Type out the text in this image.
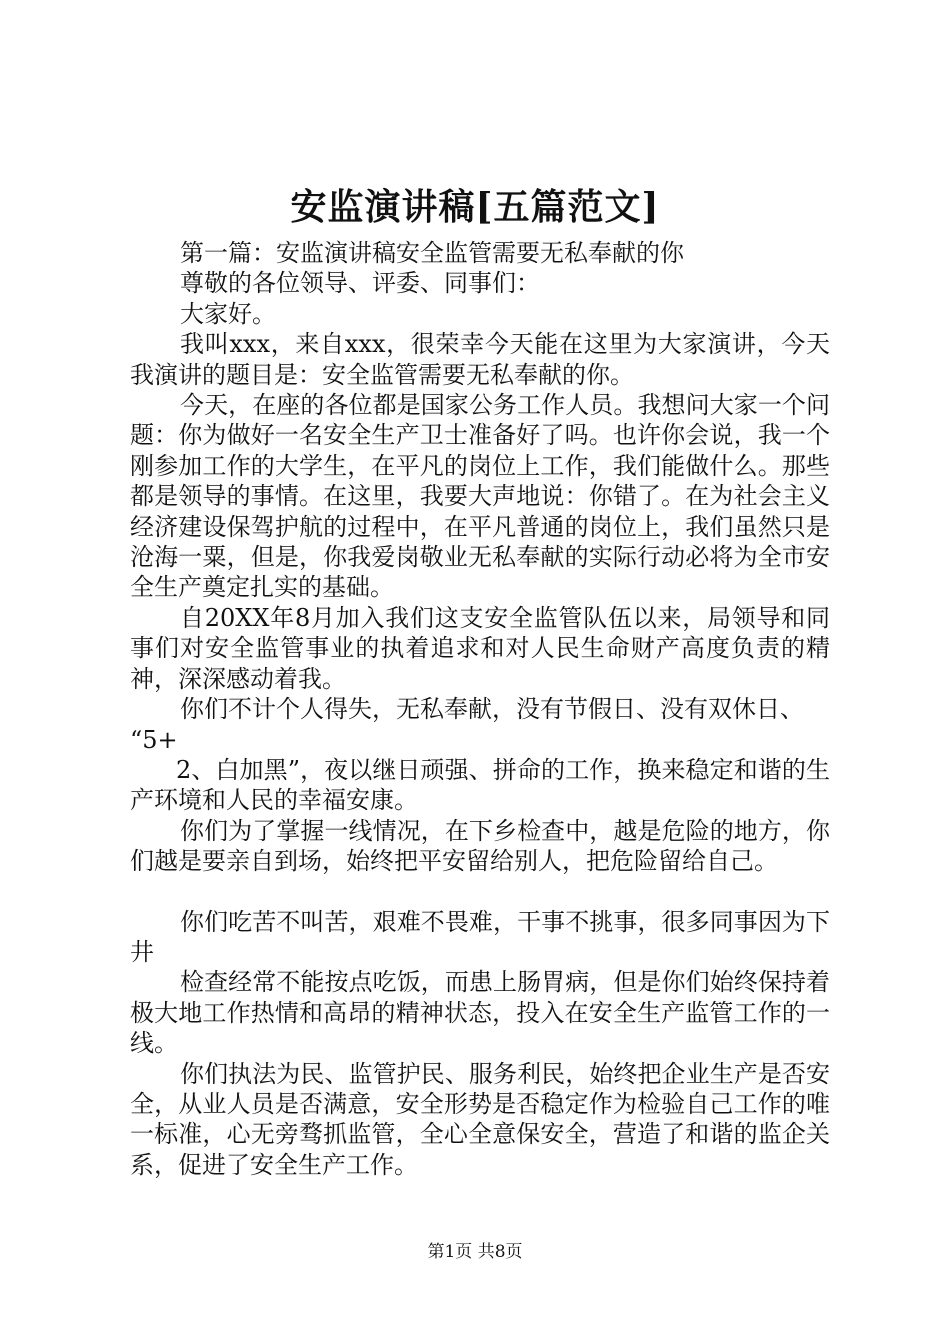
安监演讲稿[五篇范文]

第一篇：安监演讲稿安全监管需要无私奉献的你

尊敬的各位领导、评委、同事们：

大家好。

我叫xxx，来自xxx，很荣幸今天能在这里为大家演讲，今天我演讲的题目是：安全监管需要无私奉献的你。

今天，在座的各位都是国家公务工作人员。我想问大家一个问题：你为做好一名安全生产卫士准备好了吗。也许你会说，我一个刚参加工作的大学生，在平凡的岗位上工作，我们能做什么。那些都是领导的事情。在这里，我要大声地说：你错了。在为社会主义经济建设保驾护航的过程中，在平凡普通的岗位上，我们虽然只是沧海一粟，但是，你我爱岗敬业无私奉献的实际行动必将为全市安全生产奠定扎实的基础。

自20XX年8月加入我们这支安全监管队伍以来，局领导和同事们对安全监管事业的执着追求和对人民生命财产高度负责的精神，深深感动着我。

你们不计个人得失，无私奉献，没有节假日、没有双休日、

“5+

2、白加黑”，夜以继日顽强、拼命的工作，换来稳定和谐的生产环境和人民的幸福安康。

你们为了掌握一线情况，在下乡检查中，越是危险的地方，你们越是要亲自到场，始终把平安留给别人，把危险留给自己。

你们吃苦不叫苦，艰难不畏难，干事不挑事，很多同事因为下井

检查经常不能按点吃饭，而患上肠胃病，但是你们始终保持着极大地工作热情和高昂的精神状态，投入在安全生产监管工作的一线。

你们执法为民、监管护民、服务利民，始终把企业生产是否安全，从业人员是否满意，安全形势是否稳定作为检验自己工作的唯一标准，心无旁骛抓监管，全心全意保安全，营造了和谐的监企关系，促进了安全生产工作。

第1页 共8页
